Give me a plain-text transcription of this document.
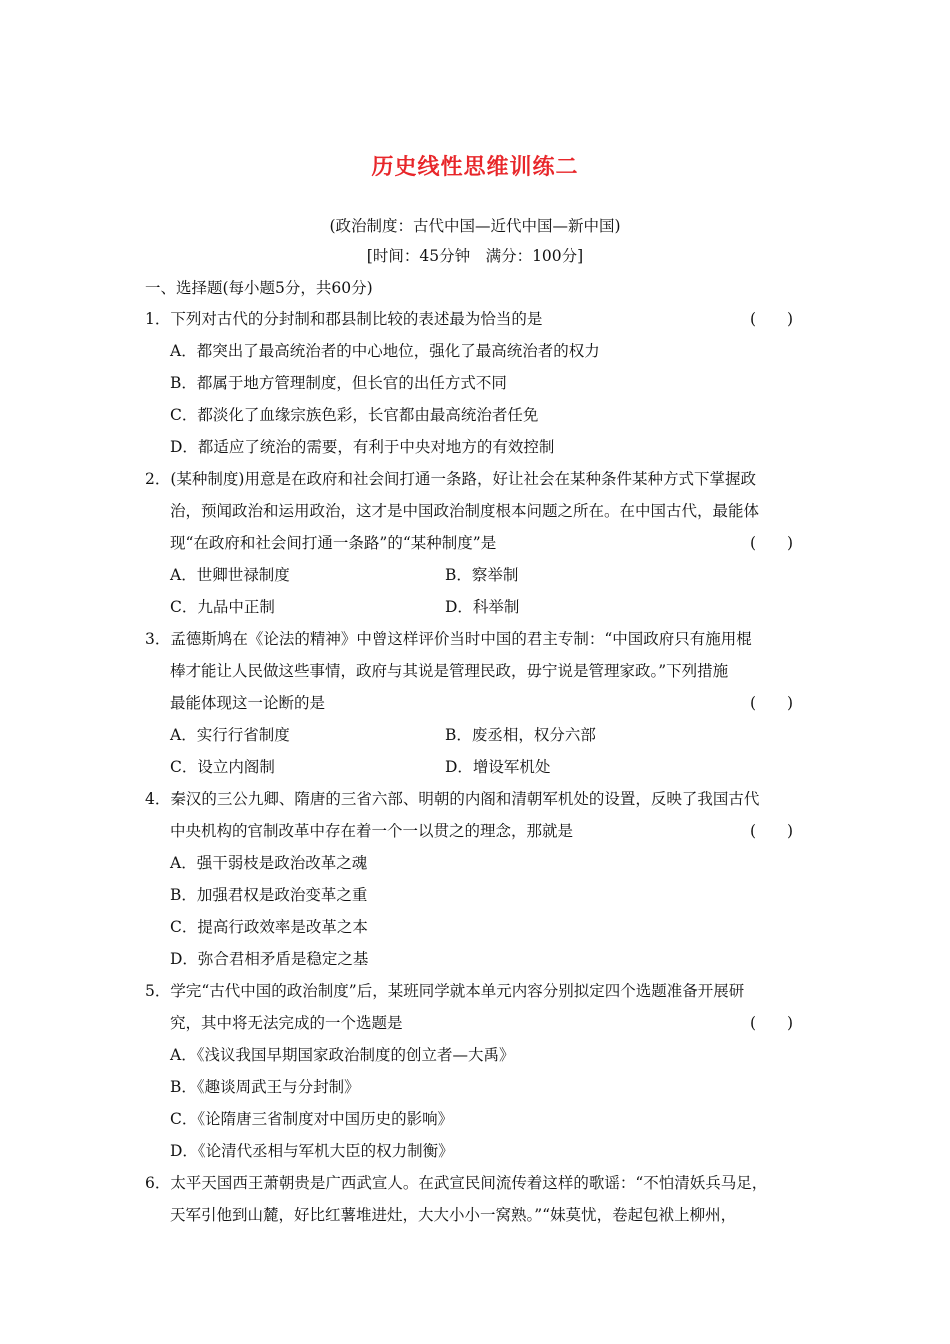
历史线性思维训练二
(政治制度：古代中国—近代中国—新中国)
[时间：45分钟　满分：100分]
一、选择题(每小题5分，共60分)
1．下列对古代的分封制和郡县制比较的表述最为恰当的是	(　　)
A．都突出了最高统治者的中心地位，强化了最高统治者的权力
B．都属于地方管理制度，但长官的出任方式不同
C．都淡化了血缘宗族色彩，长官都由最高统治者任免
D．都适应了统治的需要，有利于中央对地方的有效控制
2．(某种制度)用意是在政府和社会间打通一条路，好让社会在某种条件某种方式下掌握政
治，预闻政治和运用政治，这才是中国政治制度根本问题之所在。在中国古代，最能体
现“在政府和社会间打通一条路”的“某种制度”是	(　　)
A．世卿世禄制度	B．察举制
C．九品中正制	D．科举制
3．孟德斯鸠在《论法的精神》中曾这样评价当时中国的君主专制：“中国政府只有施用棍
棒才能让人民做这些事情，政府与其说是管理民政，毋宁说是管理家政。”下列措施
最能体现这一论断的是	(　　)
A．实行行省制度	B．废丞相，权分六部
C．设立内阁制	D．增设军机处
4．秦汉的三公九卿、隋唐的三省六部、明朝的内阁和清朝军机处的设置，反映了我国古代
中央机构的官制改革中存在着一个一以贯之的理念，那就是	(　　)
A．强干弱枝是政治改革之魂
B．加强君权是政治变革之重
C．提高行政效率是改革之本
D．弥合君相矛盾是稳定之基
5．学完“古代中国的政治制度”后，某班同学就本单元内容分别拟定四个选题准备开展研
究，其中将无法完成的一个选题是	(　　)
A．《浅议我国早期国家政治制度的创立者—大禹》
B．《趣谈周武王与分封制》
C．《论隋唐三省制度对中国历史的影响》
D．《论清代丞相与军机大臣的权力制衡》
6．太平天国西王萧朝贵是广西武宣人。在武宣民间流传着这样的歌谣：“不怕清妖兵马足，
天军引他到山麓，好比红薯堆进灶，大大小小一窝熟。”“妹莫忧，卷起包袱上柳州，
